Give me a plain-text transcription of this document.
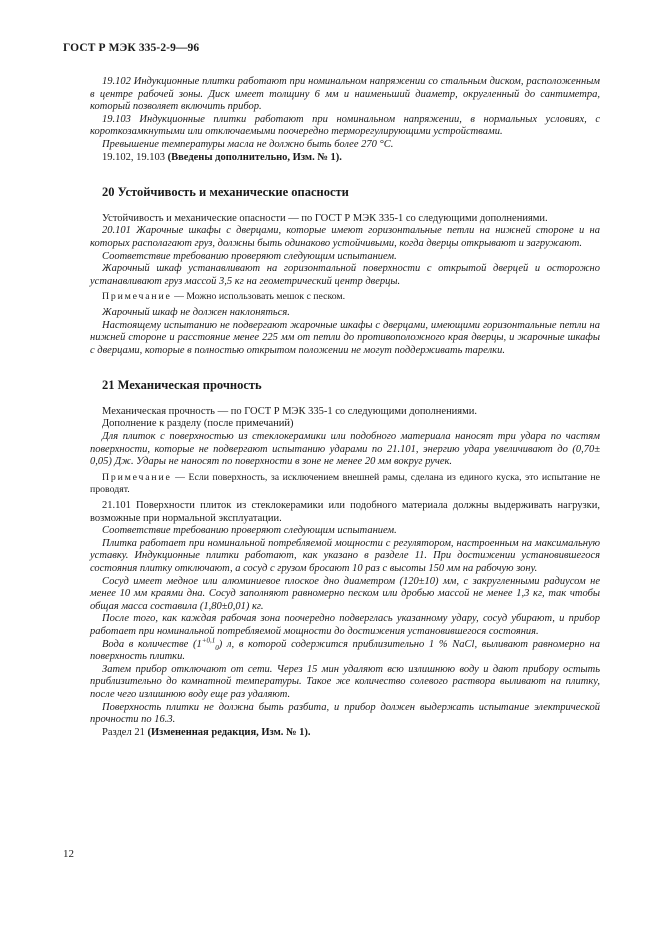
ГОСТ Р МЭК 335-2-9—96

19.102 Индукционные плитки работают при номинальном напряжении со стальным диском, расположенным в центре рабочей зоны. Диск имеет толщину 6 мм и наименьший диаметр, округленный до сантиметра, который позволяет включить прибор.

19.103 Индукционные плитки работают при номинальном напряжении, в нормальных условиях, с короткозамкнутыми или отключаемыми поочередно терморегулирующими устройствами.

Превышение температуры масла не должно быть более 270 °С.

19.102, 19.103 (Введены дополнительно, Изм. № 1).

20 Устойчивость и механические опасности

Устойчивость и механические опасности — по ГОСТ Р МЭК 335-1 со следующими дополнениями.

20.101 Жарочные шкафы с дверцами, которые имеют горизонтальные петли на нижней стороне и на которых располагают груз, должны быть одинаково устойчивыми, когда дверцы открывают и загружают.

Соответствие требованию проверяют следующим испытанием.

Жарочный шкаф устанавливают на горизонтальной поверхности с открытой дверцей и осторожно устанавливают груз массой 3,5 кг на геометрический центр дверцы.

Примечание — Можно использовать мешок с песком.

Жарочный шкаф не должен наклоняться.

Настоящему испытанию не подвергают жарочные шкафы с дверцами, имеющими горизонтальные петли на нижней стороне и расстояние менее 225 мм от петли до противоположного края дверцы, и жарочные шкафы с дверцами, которые в полностью открытом положении не могут поддерживать тарелки.

21 Механическая прочность

Механическая прочность — по ГОСТ Р МЭК 335-1 со следующими дополнениями.

Дополнение к разделу (после примечаний)

Для плиток с поверхностью из стеклокерамики или подобного материала наносят три удара по частям поверхности, которые не подвергают испытанию ударами по 21.101, энергию удара увеличивают до (0,70± 0,05) Дж. Удары не наносят по поверхности в зоне не менее 20 мм вокруг ручек.

Примечание — Если поверхность, за исключением внешней рамы, сделана из единого куска, это испытание не проводят.

21.101 Поверхности плиток из стеклокерамики или подобного материала должны выдерживать нагрузки, возможные при нормальной эксплуатации.

Соответствие требованию проверяют следующим испытанием.

Плитка работает при номинальной потребляемой мощности с регулятором, настроенным на максимальную уставку. Индукционные плитки работают, как указано в разделе 11. При достижении установившегося состояния плитку отключают, а сосуд с грузом бросают 10 раз с высоты 150 мм на рабочую зону.

Сосуд имеет медное или алюминиевое плоское дно диаметром (120±10) мм, с закругленными радиусом не менее 10 мм краями дна. Сосуд заполняют равномерно песком или дробью массой не менее 1,3 кг, так чтобы общая масса составила (1,80±0,01) кг.

После того, как каждая рабочая зона поочередно подверглась указанному удару, сосуд убирают, и прибор работает при номинальной потребляемой мощности до достижения установившегося состояния.

Вода в количестве $(1^{+0,1}_0)$ л, в которой содержится приблизительно 1 % NaCl, выливают равномерно на поверхность плитки.

Затем прибор отключают от сети. Через 15 мин удаляют всю излишнюю воду и дают прибору остыть приблизительно до комнатной температуры. Такое же количество солевого раствора выливают на плитку, после чего излишнюю воду еще раз удаляют.

Поверхность плитки не должна быть разбита, и прибор должен выдержать испытание электрической прочности по 16.3.

Раздел 21 (Измененная редакция, Изм. № 1).

12
